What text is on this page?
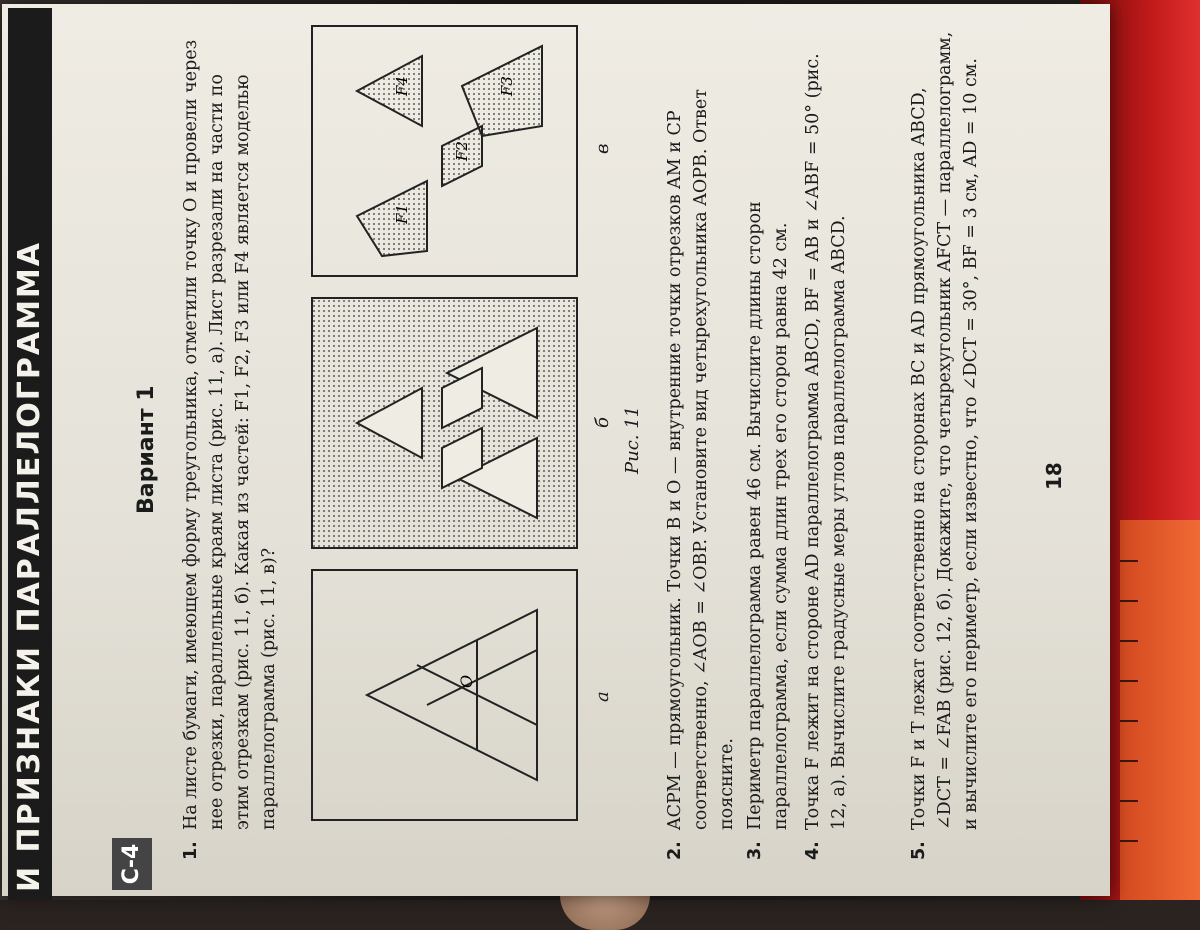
И ПРИЗНАКИ ПАРАЛЛЕЛОГРАММА	С-4
Вариант 1
1.
На листе бумаги, имеющем форму треугольника, отметили точку O и провели через нее отрезки, параллельные краям листа (рис. 11, а). Лист разрезали на части по этим отрезкам (рис. 11, б). Какая из частей: F1, F2, F3 или F4 является моделью параллелограмма (рис. 11, в)?	O
а
б
F1
F2
F3
F4
в
Рис. 11
2.
ACPM — прямоугольник. Точки B и O — внутренние точки отрезков AM и CP соответственно, ∠AOB = ∠OBP. Установите вид четырехугольника AOPB. Ответ поясните.
3.
Периметр параллелограмма равен 46 см. Вычислите длины сторон параллелограмма, если сумма длин трех его сторон равна 42 см.
4.
Точка F лежит на стороне AD параллелограмма ABCD, BF = AB и ∠ABF = 50° (рис. 12, а). Вычислите градусные меры углов параллелограмма ABCD.
5.
Точки F и T лежат соответственно на сторонах BC и AD прямоугольника ABCD, ∠DCT = ∠FAB (рис. 12, б). Докажите, что четырехугольник AFCT — параллелограмм, и вычислите его периметр, если известно, что ∠DCT = 30°, BF = 3 см, AD = 10 см.	18
